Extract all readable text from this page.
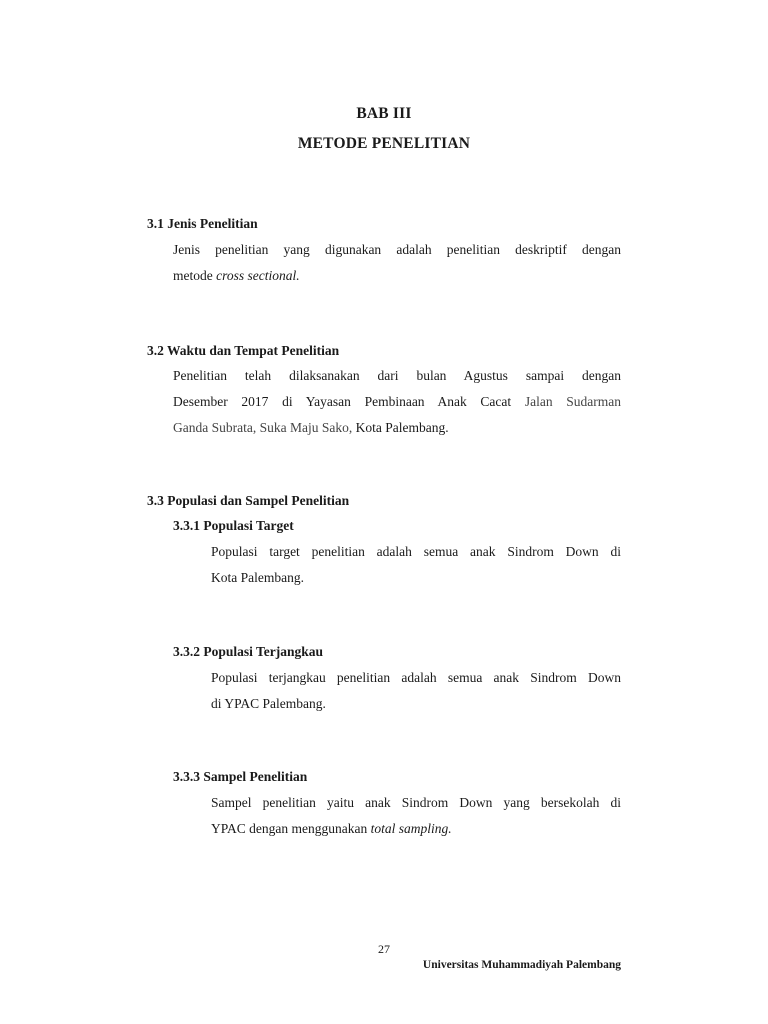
BAB III
METODE PENELITIAN
3.1 Jenis Penelitian
Jenis penelitian yang digunakan adalah penelitian deskriptif dengan
metode cross sectional.
3.2 Waktu dan Tempat Penelitian
Penelitian telah dilaksanakan dari bulan Agustus sampai dengan
Desember 2017 di Yayasan Pembinaan Anak Cacat Jalan Sudarman
Ganda Subrata, Suka Maju Sako, Kota Palembang.
3.3 Populasi dan Sampel Penelitian
3.3.1 Populasi Target
Populasi target penelitian adalah semua anak Sindrom Down di
Kota Palembang.
3.3.2 Populasi Terjangkau
Populasi terjangkau penelitian adalah semua anak Sindrom Down
di YPAC Palembang.
3.3.3 Sampel Penelitian
Sampel penelitian yaitu anak Sindrom Down yang bersekolah di
YPAC dengan menggunakan total sampling.
27
Universitas Muhammadiyah Palembang
